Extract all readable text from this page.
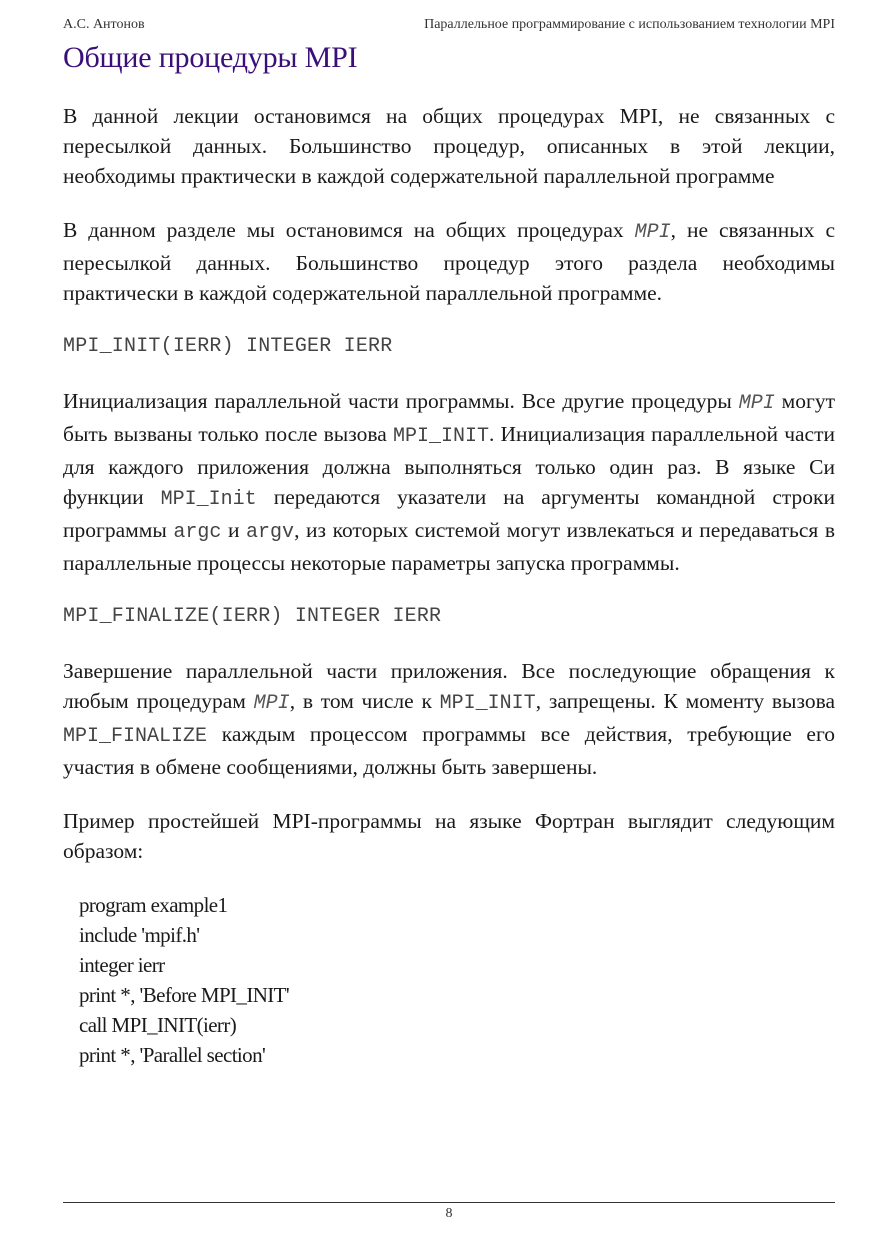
А.С. Антонов	Параллельное программирование с использованием технологии MPI
Общие процедуры MPI

В данной лекции остановимся на общих процедурах MPI, не связанных с пересылкой данных. Большинство процедур, описанных в этой лекции, необходимы практически в каждой содержательной параллельной программе

В данном разделе мы остановимся на общих процедурах MPI, не связанных с пересылкой данных. Большинство процедур этого раздела необходимы практически в каждой содержательной параллельной программе.

MPI_INIT(IERR) INTEGER IERR

Инициализация параллельной части программы. Все другие процедуры MPI могут быть вызваны только после вызова MPI_INIT. Инициализация параллельной части для каждого приложения должна выполняться только один раз. В языке Си функции MPI_Init передаются указатели на аргументы командной строки программы argc и argv, из которых системой могут извлекаться и передаваться в параллельные процессы некоторые параметры запуска программы.

MPI_FINALIZE(IERR) INTEGER IERR

Завершение параллельной части приложения. Все последующие обращения к любым процедурам MPI, в том числе к MPI_INIT, запрещены. К моменту вызова MPI_FINALIZE каждым процессом программы все действия, требующие его участия в обмене сообщениями, должны быть завершены.

Пример простейшей MPI-программы на языке Фортран выглядит следующим образом:

program example1
include 'mpif.h'
integer ierr
print *, 'Before MPI_INIT'
call MPI_INIT(ierr)
print *, 'Parallel section'
8
